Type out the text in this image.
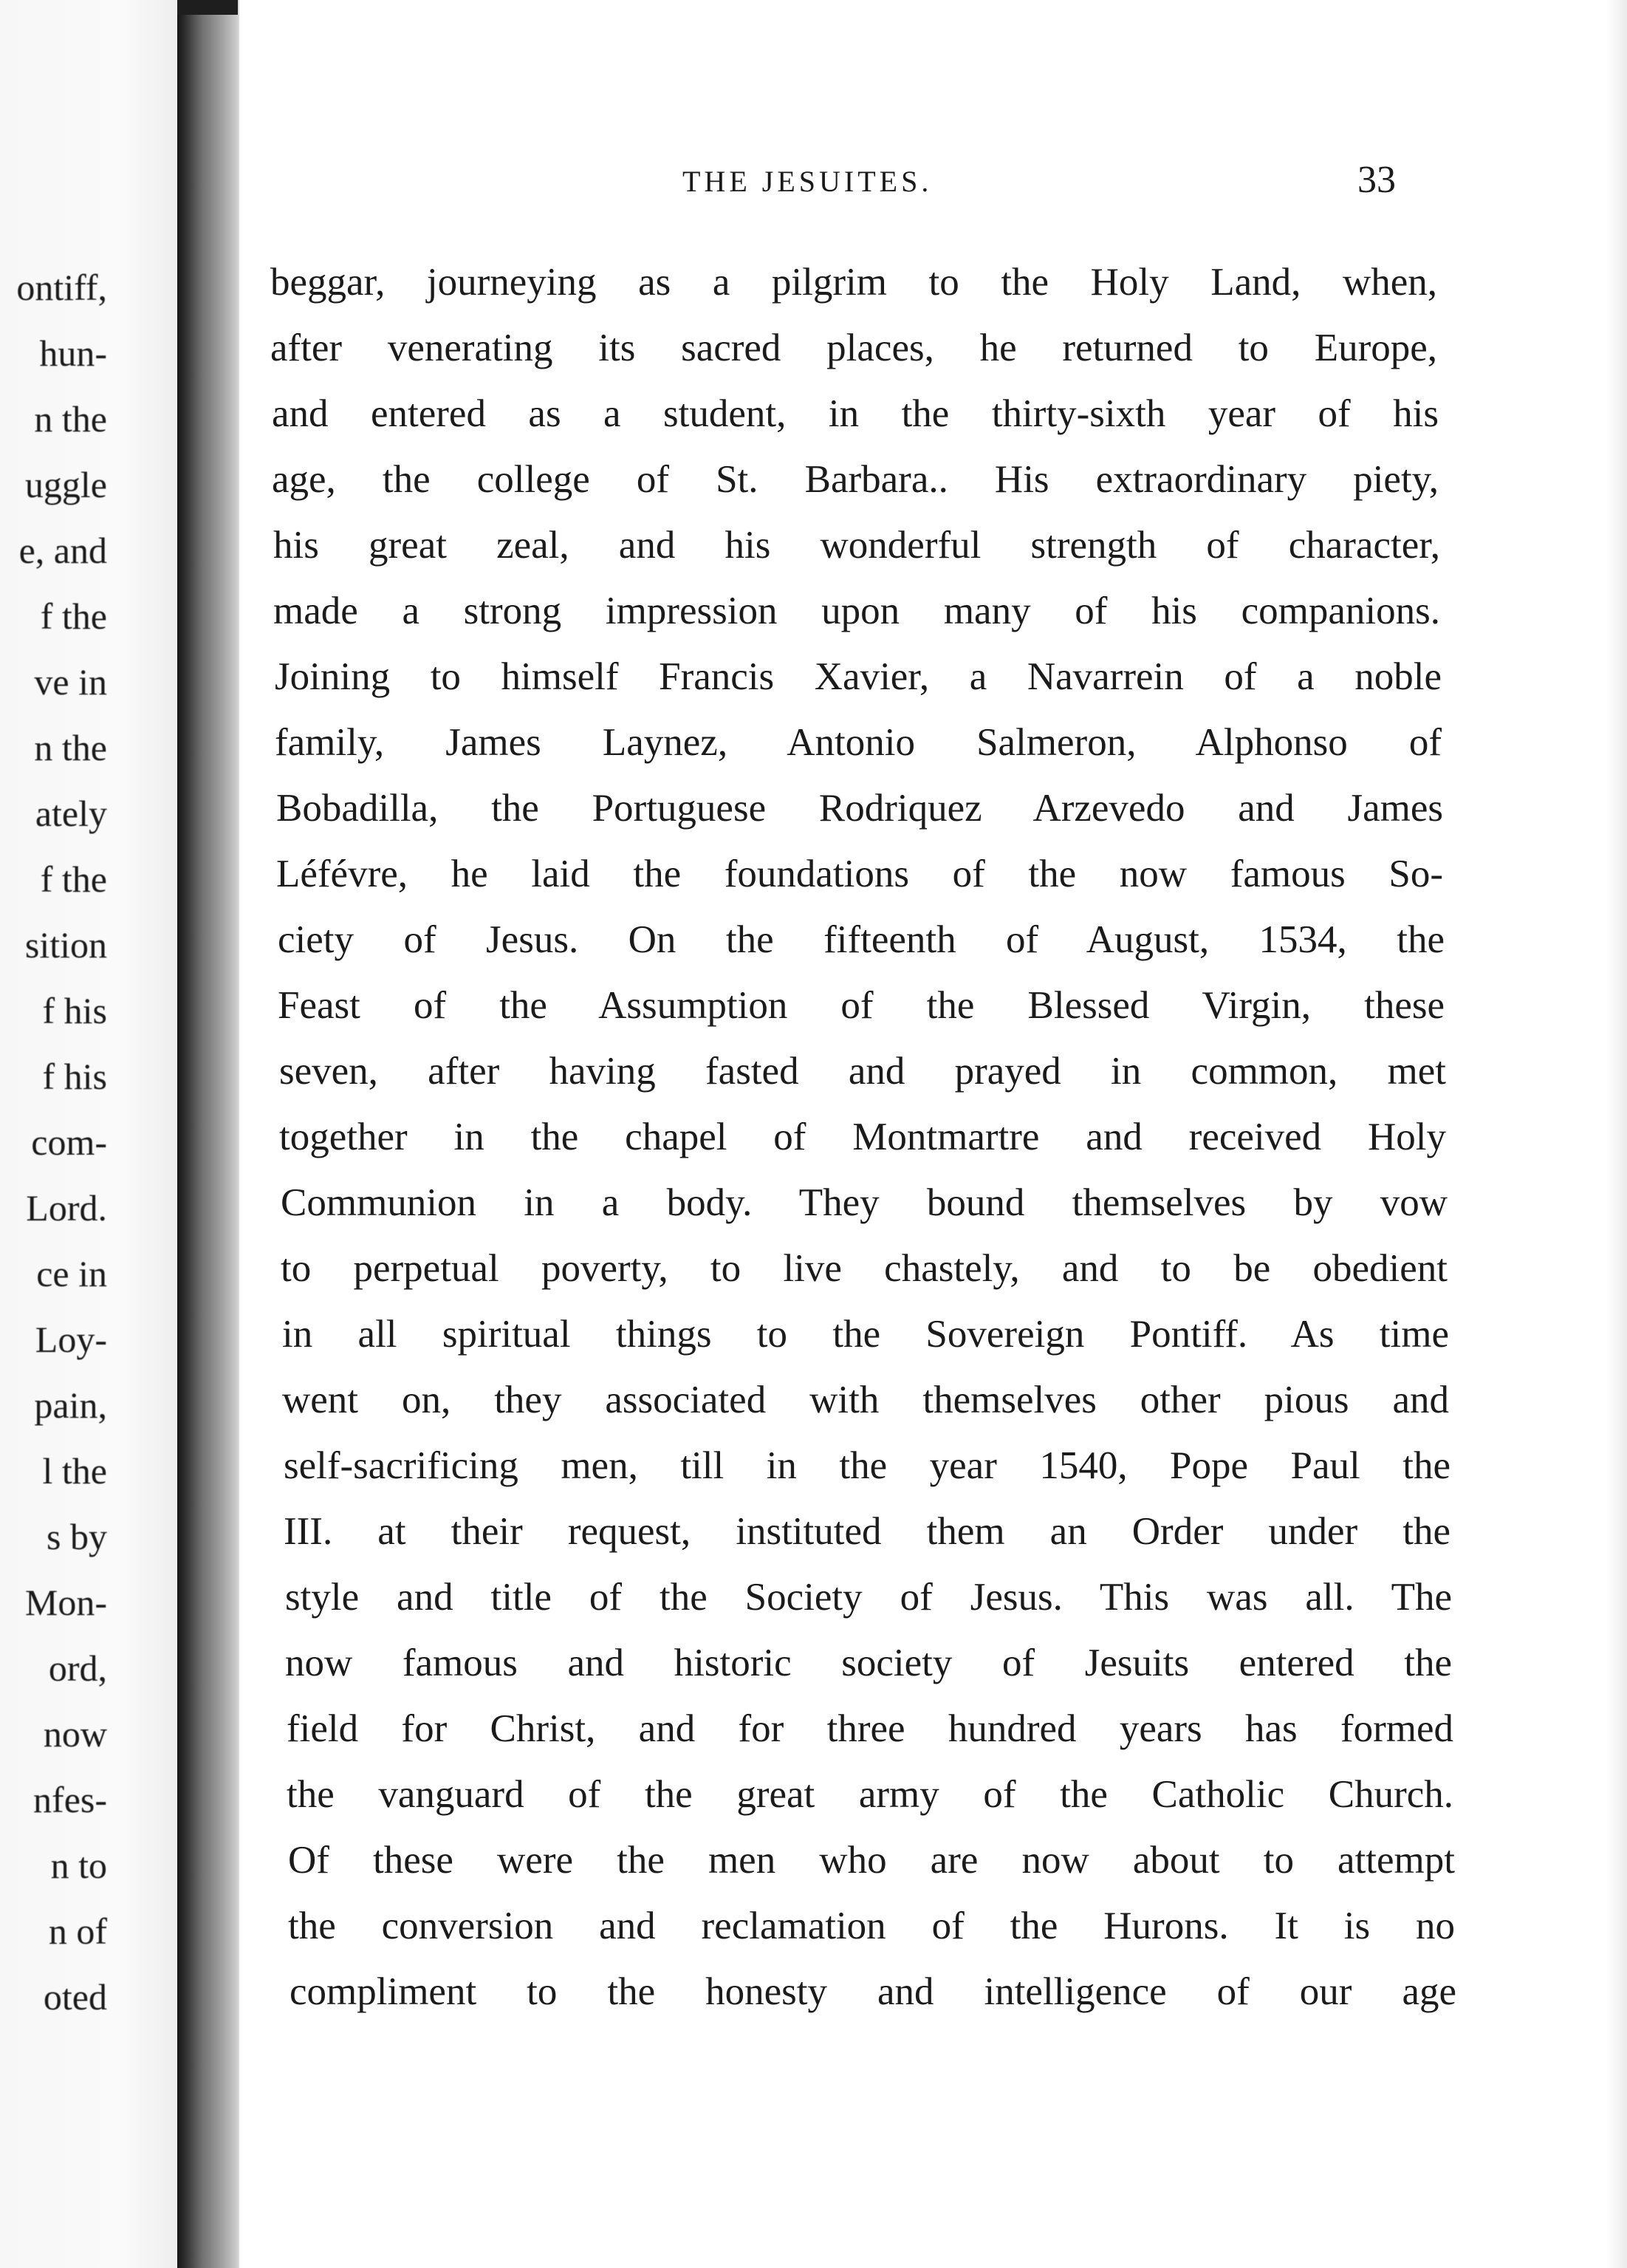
ontiff,
hun-
n the
uggle
e, and
f the
ve in
n the
ately
f the
sition
f his
f his
com-
Lord.
ce in
Loy-
pain,
l the
s by
Mon-
ord,
now
nfes-
n to
n of
oted
THE JESUITES.	33
beggar, journeying as a pilgrim to the Holy Land, when,
after venerating its sacred places, he returned to Europe,
and entered as a student, in the thirty-sixth year of his
age, the college of St. Barbara.. His extraordinary piety,
his great zeal, and his wonderful strength of character,
made a strong impression upon many of his companions.
Joining to himself Francis Xavier, a Navarrein of a noble
family, James Laynez, Antonio Salmeron, Alphonso of
Bobadilla, the Portuguese Rodriquez Arzevedo and James
Léfévre, he laid the foundations of the now famous So-
ciety of Jesus. On the fifteenth of August, 1534, the
Feast of the Assumption of the Blessed Virgin, these
seven, after having fasted and prayed in common, met
together in the chapel of Montmartre and received Holy
Communion in a body. They bound themselves by vow
to perpetual poverty, to live chastely, and to be obedient
in all spiritual things to the Sovereign Pontiff. As time
went on, they associated with themselves other pious and
self-sacrificing men, till in the year 1540, Pope Paul the
III. at their request, instituted them an Order under the
style and title of the Society of Jesus. This was all. The
now famous and historic society of Jesuits entered the
field for Christ, and for three hundred years has formed
the vanguard of the great army of the Catholic Church.
Of these were the men who are now about to attempt
the conversion and reclamation of the Hurons. It is no
compliment to the honesty and intelligence of our age
